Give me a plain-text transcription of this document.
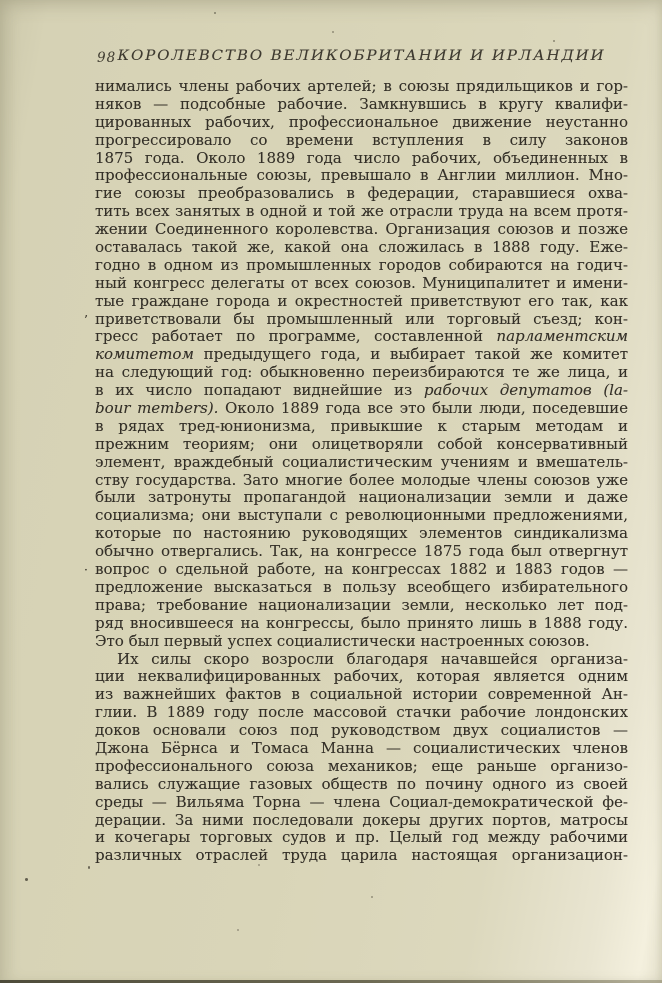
98 КОРОЛЕВСТВО ВЕЛИКОБРИТАНИИ И ИРЛАНДИИ
нимались члены рабочих артелей; в союзы прядильщиков и гор-
няков — подсобные рабочие. Замкнувшись в кругу квалифи-
цированных рабочих, профессиональное движение неустанно
прогрессировало со времени вступления в силу законов
1875 года. Около 1889 года число рабочих, объединенных в
профессиональные союзы, превышало в Англии миллион. Мно-
гие союзы преобразовались в федерации, старавшиеся охва-
тить всех занятых в одной и той же отрасли труда на всем протя-
жении Соединенного королевства. Организация союзов и позже
оставалась такой же, какой она сложилась в 1888 году. Еже-
годно в одном из промышленных городов собираются на годич-
ный конгресс делегаты от всех союзов. Муниципалитет и имени-
тые граждане города и окрестностей приветствуют его так, как
’ приветствовали бы промышленный или торговый съезд; кон-
гресс работает по программе, составленной парламентским
комитетом предыдущего года, и выбирает такой же комитет
на следующий год: обыкновенно переизбираются те же лица, и
в их число попадают виднейшие из рабочих депутатов (la-
bour members). Около 1889 года все это были люди, поседевшие
в рядах тред-юнионизма, привыкшие к старым методам и
прежним теориям; они олицетворяли собой консервативный
элемент, враждебный социалистическим учениям и вмешатель-
ству государства. Зато многие более молодые члены союзов уже
были затронуты пропагандой национализации земли и даже
социализма; они выступали с революционными предложениями,
которые по настоянию руководящих элементов синдикализма
обычно отвергались. Так, на конгрессе 1875 года был отвергнут
· вопрос о сдельной работе, на конгрессах 1882 и 1883 годов —
предложение высказаться в пользу всеобщего избирательного
права; требование национализации земли, несколько лет под-
ряд вносившееся на конгрессы, было принято лишь в 1888 году.
Это был первый успех социалистически настроенных союзов.
Их силы скоро возросли благодаря начавшейся организа-
ции неквалифицированных рабочих, которая является одним
из важнейших фактов в социальной истории современной Ан-
глии. В 1889 году после массовой стачки рабочие лондонских
доков основали союз под руководством двух социалистов —
Джона Бёрнса и Томаса Манна — социалистических членов
профессионального союза механиков; еще раньше организо-
вались служащие газовых обществ по почину одного из своей
среды — Вильяма Торна — члена Социал-демократической фе-
дерации. За ними последовали докеры других портов, матросы
и кочегары торговых судов и пр. Целый год между рабочими
различных отраслей труда царила настоящая организацион-
